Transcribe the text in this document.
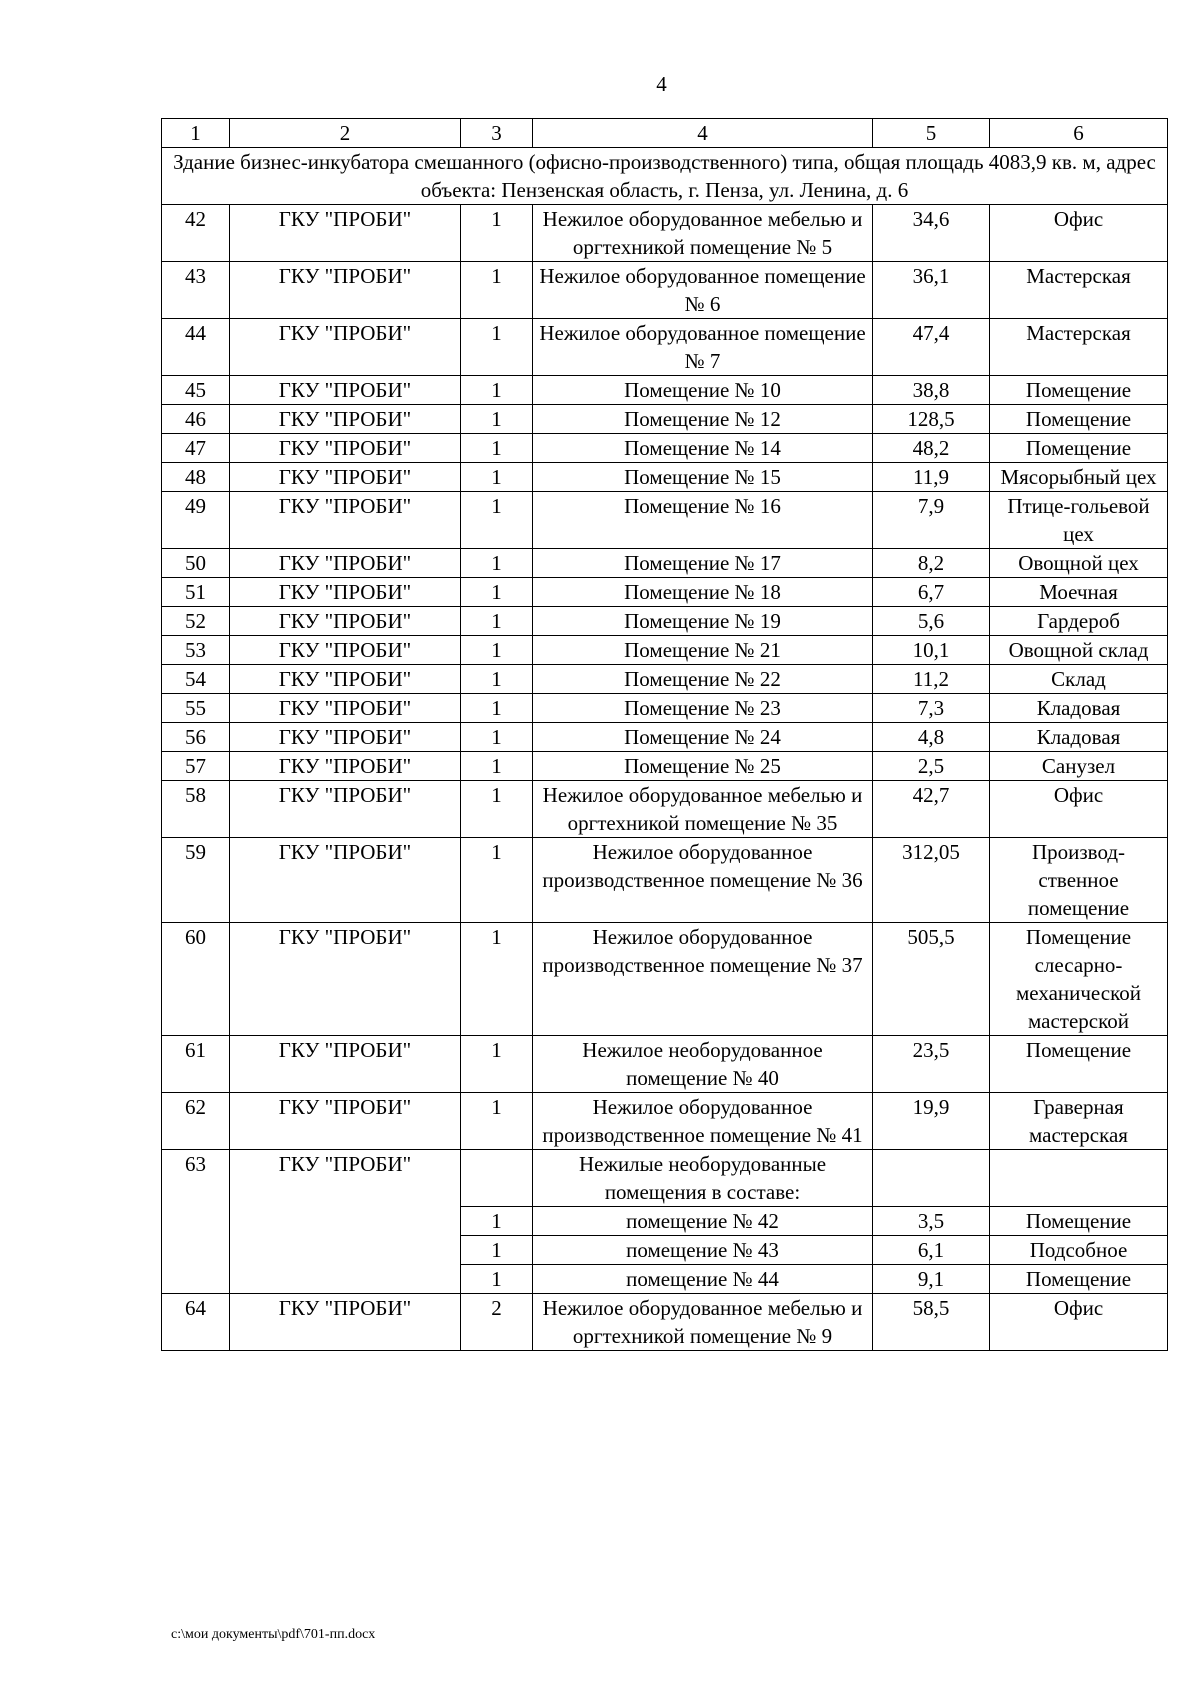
4
1	2	3	4	5	6
Здание бизнес-инкубатора смешанного (офисно-производственного) типа, общая площадь 4083,9 кв. м, адрес объекта: Пензенская область, г. Пенза, ул. Ленина, д. 6					
42	ГКУ "ПРОБИ"	1	Нежилое оборудованное мебелью и оргтехникой помещение № 5	34,6	Офис
43	ГКУ "ПРОБИ"	1	Нежилое оборудованное помещение № 6	36,1	Мастерская
44	ГКУ "ПРОБИ"	1	Нежилое оборудованное помещение № 7	47,4	Мастерская
45	ГКУ "ПРОБИ"	1	Помещение № 10	38,8	Помещение
46	ГКУ "ПРОБИ"	1	Помещение № 12	128,5	Помещение
47	ГКУ "ПРОБИ"	1	Помещение № 14	48,2	Помещение
48	ГКУ "ПРОБИ"	1	Помещение № 15	11,9	Мясорыбный цех
49	ГКУ "ПРОБИ"	1	Помещение № 16	7,9	Птице-гольевой цех
50	ГКУ "ПРОБИ"	1	Помещение № 17	8,2	Овощной цех
51	ГКУ "ПРОБИ"	1	Помещение № 18	6,7	Моечная
52	ГКУ "ПРОБИ"	1	Помещение № 19	5,6	Гардероб
53	ГКУ "ПРОБИ"	1	Помещение № 21	10,1	Овощной склад
54	ГКУ "ПРОБИ"	1	Помещение № 22	11,2	Склад
55	ГКУ "ПРОБИ"	1	Помещение № 23	7,3	Кладовая
56	ГКУ "ПРОБИ"	1	Помещение № 24	4,8	Кладовая
57	ГКУ "ПРОБИ"	1	Помещение № 25	2,5	Санузел
58	ГКУ "ПРОБИ"	1	Нежилое оборудованное мебелью и оргтехникой помещение № 35	42,7	Офис
59	ГКУ "ПРОБИ"	1	Нежилое оборудованное производственное помещение № 36	312,05	Производ-ственное помещение
60	ГКУ "ПРОБИ"	1	Нежилое оборудованное производственное помещение № 37	505,5	Помещение слесарно-механической мастерской
61	ГКУ "ПРОБИ"	1	Нежилое необорудованное помещение № 40	23,5	Помещение
62	ГКУ "ПРОБИ"	1	Нежилое оборудованное производственное помещение № 41	19,9	Граверная мастерская
63	ГКУ "ПРОБИ"		Нежилые необорудованные помещения в составе:		
		1	помещение № 42	3,5	Помещение
		1	помещение № 43	6,1	Подсобное
		1	помещение № 44	9,1	Помещение
64	ГКУ "ПРОБИ"	2	Нежилое оборудованное мебелью и оргтехникой помещение № 9	58,5	Офис
c:\мои документы\pdf\701-пп.docx
